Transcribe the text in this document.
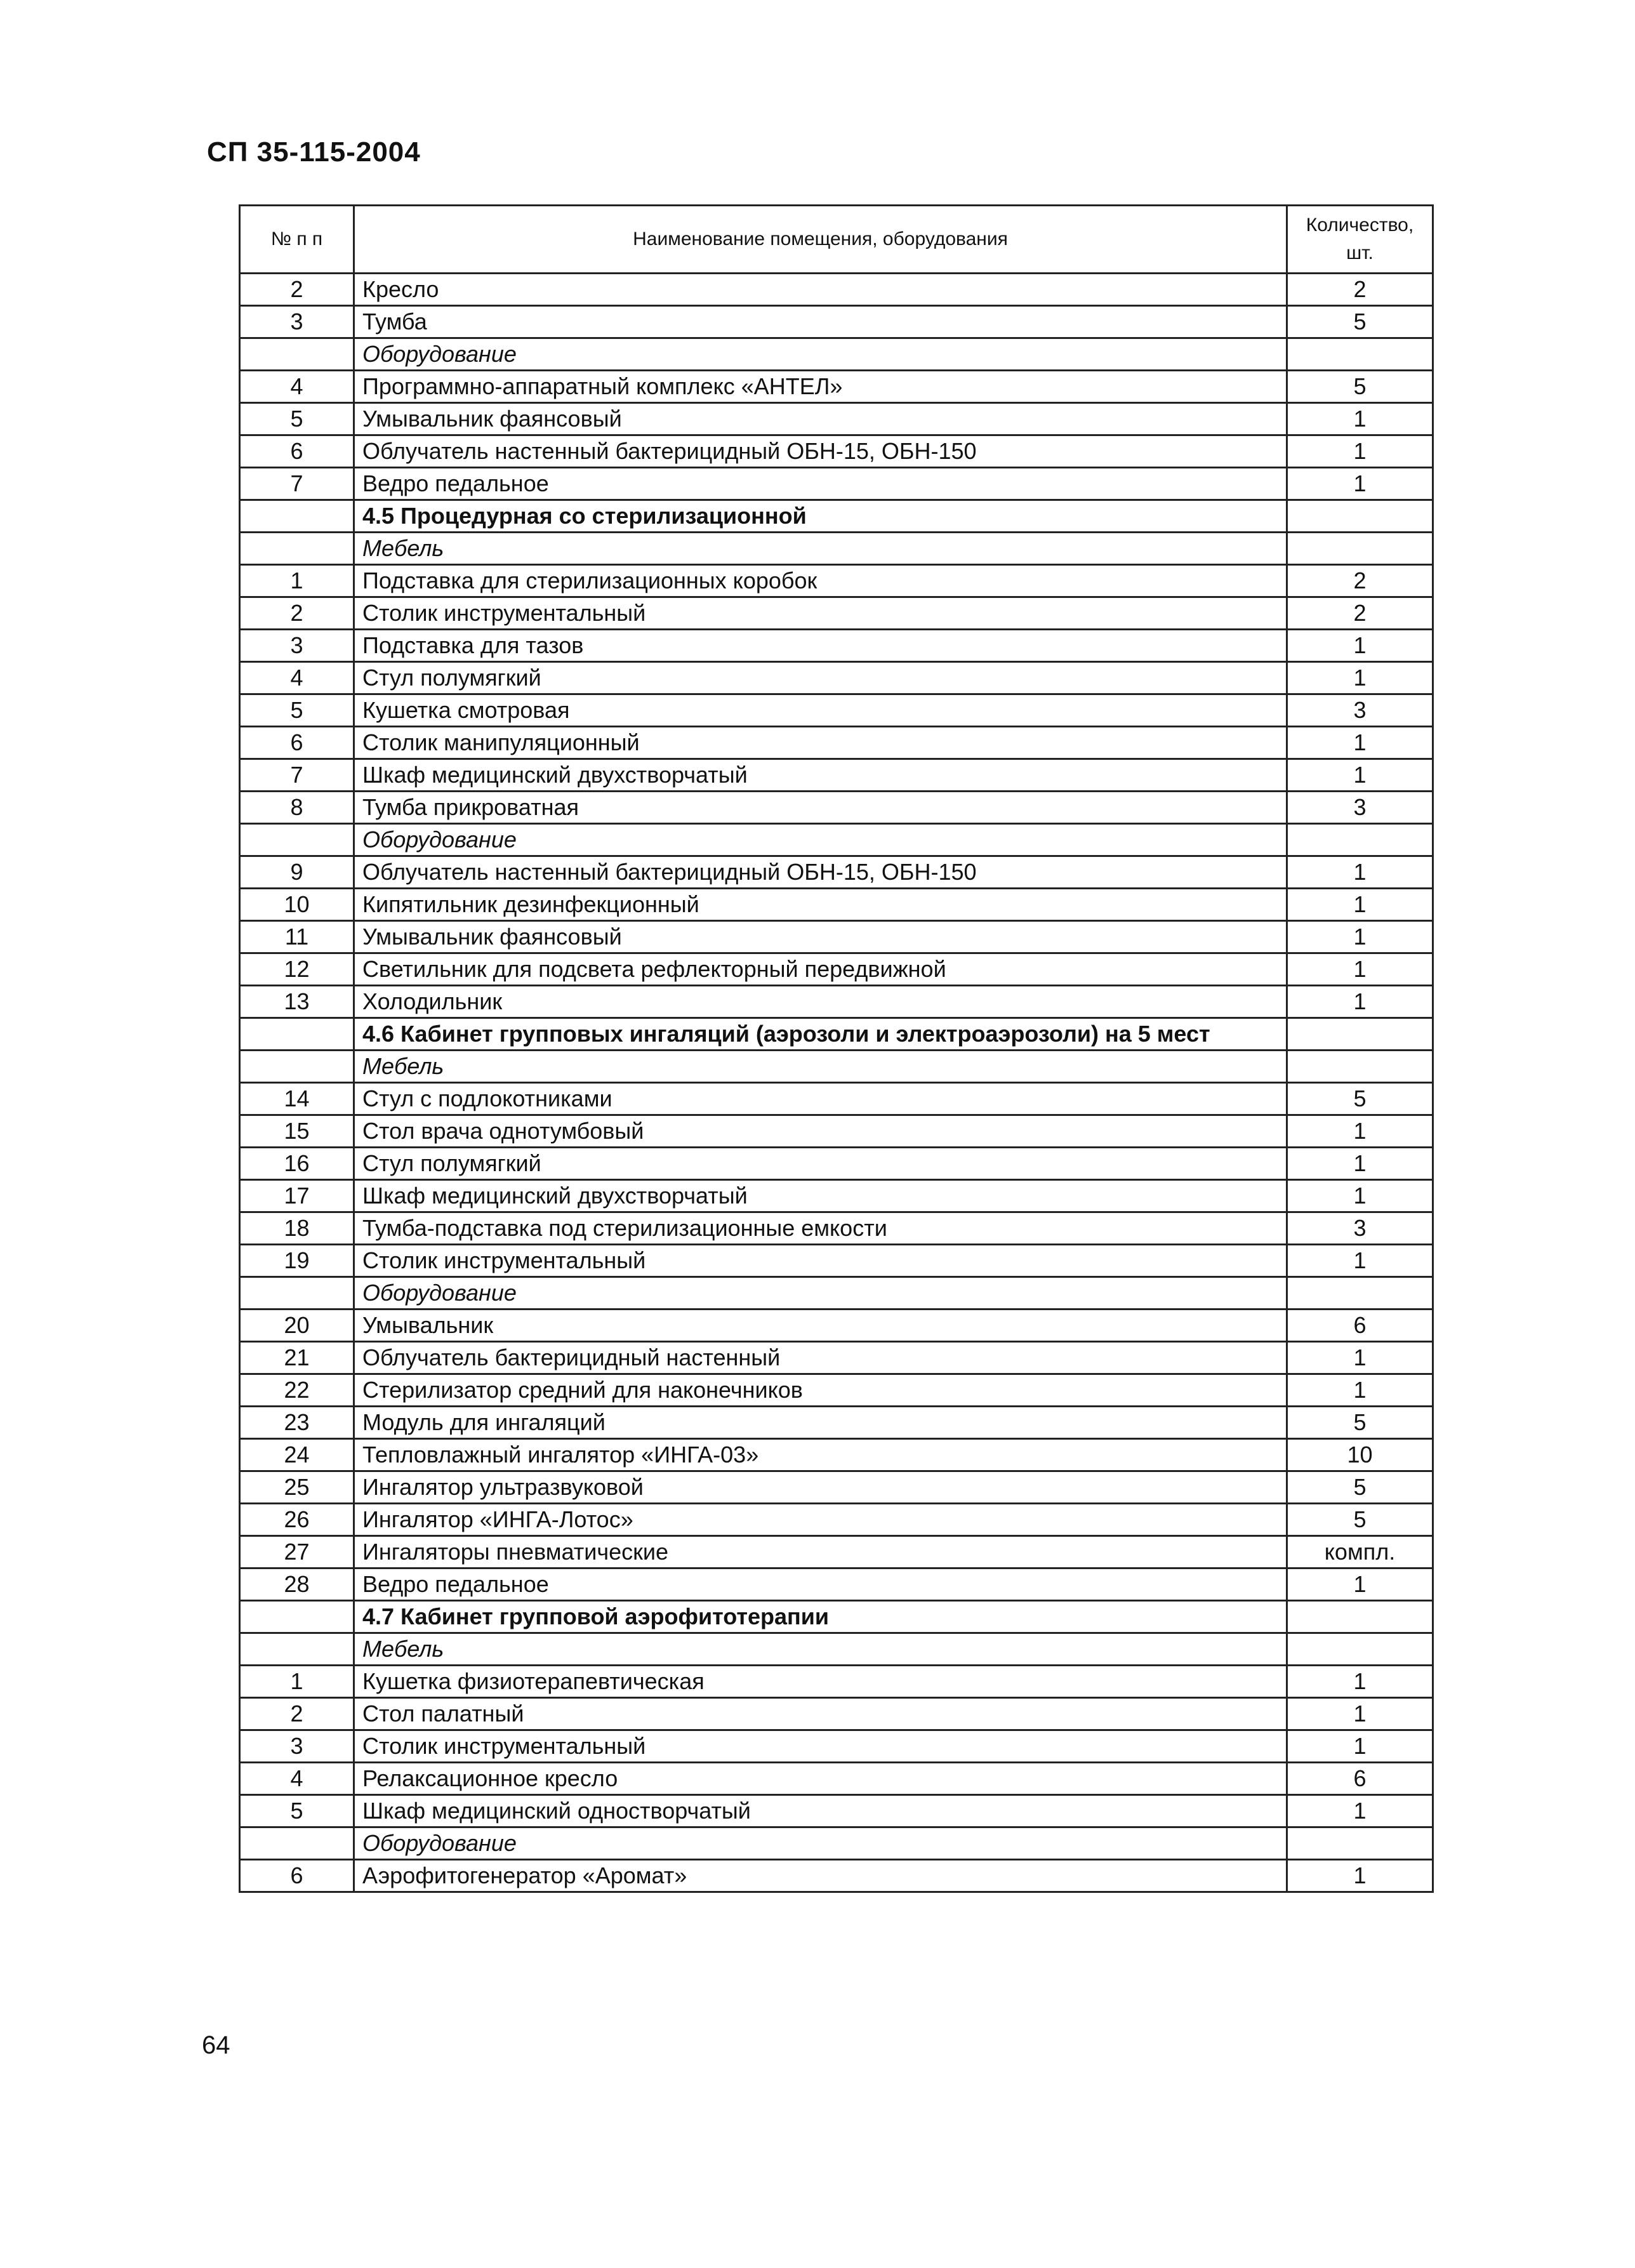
СП 35-115-2004
№ п п	Наименование помещения, оборудования	Количество, шт.
2	Кресло	2
3	Тумба	5
	Оборудование	
4	Программно-аппаратный комплекс «АНТЕЛ»	5
5	Умывальник фаянсовый	1
6	Облучатель настенный бактерицидный ОБН-15, ОБН-150	1
7	Ведро педальное	1
	4.5 Процедурная со стерилизационной	
	Мебель	
1	Подставка для стерилизационных коробок	2
2	Столик инструментальный	2
3	Подставка для тазов	1
4	Стул полумягкий	1
5	Кушетка смотровая	3
6	Столик манипуляционный	1
7	Шкаф медицинский двухстворчатый	1
8	Тумба прикроватная	3
	Оборудование	
9	Облучатель настенный бактерицидный ОБН-15, ОБН-150	1
10	Кипятильник дезинфекционный	1
11	Умывальник фаянсовый	1
12	Светильник для подсвета рефлекторный передвижной	1
13	Холодильник	1
	4.6 Кабинет групповых ингаляций (аэрозоли и электроаэрозоли) на 5 мест	
	Мебель	
14	Стул с подлокотниками	5
15	Стол врача однотумбовый	1
16	Стул полумягкий	1
17	Шкаф медицинский двухстворчатый	1
18	Тумба-подставка под стерилизационные емкости	3
19	Столик инструментальный	1
	Оборудование	
20	Умывальник	6
21	Облучатель бактерицидный настенный	1
22	Стерилизатор средний для наконечников	1
23	Модуль для ингаляций	5
24	Тепловлажный ингалятор «ИНГА-03»	10
25	Ингалятор ультразвуковой	5
26	Ингалятор «ИНГА-Лотос»	5
27	Ингаляторы пневматические	компл.
28	Ведро педальное	1
	4.7 Кабинет групповой аэрофитотерапии	
	Мебель	
1	Кушетка физиотерапевтическая	1
2	Стол палатный	1
3	Столик инструментальный	1
4	Релаксационное кресло	6
5	Шкаф медицинский одностворчатый	1
	Оборудование	
6	Аэрофитогенератор «Аромат»	1
64
